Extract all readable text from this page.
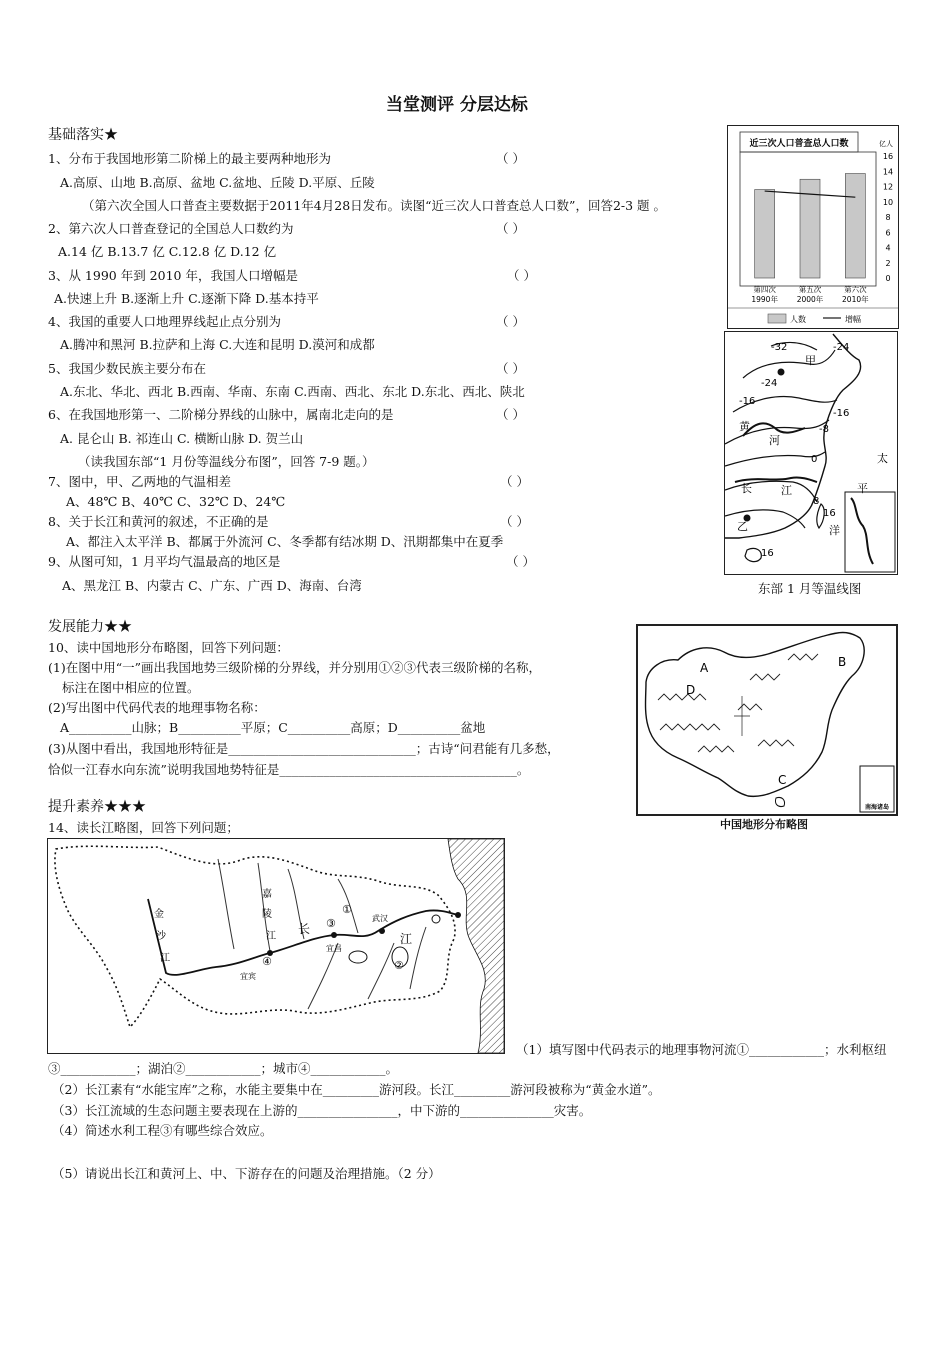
当堂测评 分层达标
基础落实★
1、分布于我国地形第二阶梯上的最主要两种地形为	（ ）
A.高原、山地 B.高原、盆地 C.盆地、丘陵 D.平原、丘陵
（第六次全国人口普查主要数据于2011年4月28日发布。读图“近三次人口普查总人口数”，回答2-3 题 。
2、第六次人口普查登记的全国总人口数约为	（ ）
A.14 亿 B.13.7 亿 C.12.8 亿 D.12 亿
3、从 1990 年到 2010 年，我国人口增幅是	（ ）
A.快速上升 B.逐渐上升 C.逐渐下降 D.基本持平
4、我国的重要人口地理界线起止点分别为	（ ）
A.腾冲和黑河 B.拉萨和上海 C.大连和昆明 D.漠河和成都
5、我国少数民族主要分布在	（ ）
A.东北、华北、西北 B.西南、华南、东南 C.西南、西北、东北 D.东北、西北、陕北
6、在我国地形第一、二阶梯分界线的山脉中，属南北走向的是	（ ）
A. 昆仑山 B. 祁连山 C. 横断山脉 D. 贺兰山
（读我国东部“1 月份等温线分布图”，回答 7-9 题。）
7、图中，甲、乙两地的气温相差	（ ）
A、48℃ B、40℃ C、32℃ D、24℃
8、关于长江和黄河的叙述，不正确的是	（ ）
A、都注入太平洋 B、都属于外流河 C、冬季都有结冰期 D、汛期都集中在夏季
9、从图可知，1 月平均气温最高的地区是	（ ）
A、黑龙江 B、内蒙古 C、广东、广西 D、海南、台湾
近三次人口普查总人口数	亿人
0
2
4
6
8
10
12
14
16
第四次
1990年
第五次
2000年
第六次
2010年
人数	增幅
-32	-24
甲
-24
-16
-16
-8
黄
河
0	太
长	江	平
8
16
洋
乙
16
东部 1 月等温线图
发展能力★★
10、读中国地形分布略图，回答下列问题：
(1)在图中用“一”画出我国地势三级阶梯的分界线，并分别用①②③代表三级阶梯的名称，
标注在图中相应的位置。
(2)写出图中代码代表的地理事物名称：
A__________山脉；B__________平原；C__________高原；D__________盆地
(3)从图中看出，我国地形特征是______________________________；古诗“问君能有几多愁，
恰似一江春水向东流”说明我国地势特征是______________________________________。
南海诸岛
A	B
D
C
中国地形分布略图
提升素养★★★
14、读长江略图，回答下列问题；
金
沙
江
嘉
陵
江
长
江
武汉
宜昌
宜宾
①
②
③
④
（1）填写图中代码表示的地理事物河流①____________；水利枢纽
③____________；湖泊②____________；城市④____________。
（2）长江素有“水能宝库”之称，水能主要集中在_________游河段。长江_________游河段被称为“黄金水道”。
（3）长江流域的生态问题主要表现在上游的________________，中下游的_______________灾害。
（4）简述水利工程③有哪些综合效应。
（5）请说出长江和黄河上、中、下游存在的问题及治理措施。（2 分）
